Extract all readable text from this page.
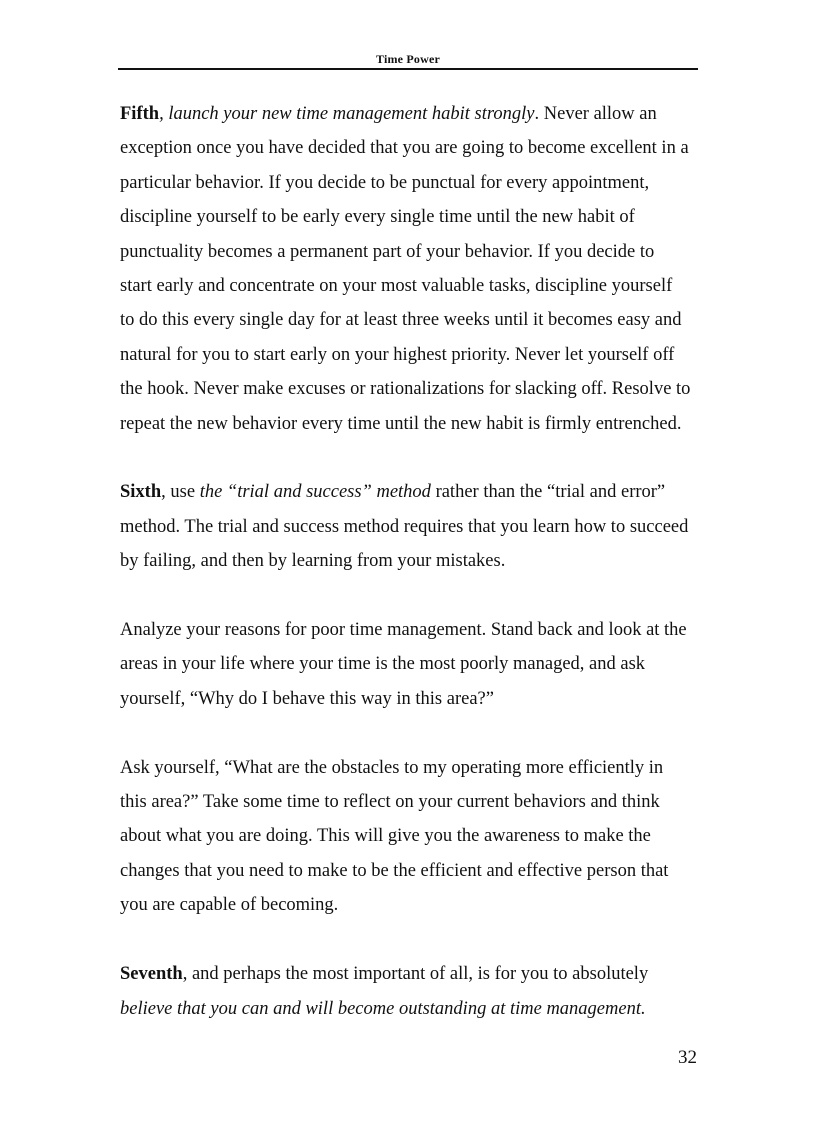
Time Power

Fifth, launch your new time management habit strongly. Never allow an
exception once you have decided that you are going to become excellent in a
particular behavior. If you decide to be punctual for every appointment,
discipline yourself to be early every single time until the new habit of
punctuality becomes a permanent part of your behavior. If you decide to
start early and concentrate on your most valuable tasks, discipline yourself
to do this every single day for at least three weeks until it becomes easy and
natural for you to start early on your highest priority. Never let yourself off
the hook. Never make excuses or rationalizations for slacking off. Resolve to
repeat the new behavior every time until the new habit is firmly entrenched.

Sixth, use the “trial and success” method rather than the “trial and error”
method. The trial and success method requires that you learn how to succeed
by failing, and then by learning from your mistakes.

Analyze your reasons for poor time management. Stand back and look at the
areas in your life where your time is the most poorly managed, and ask
yourself, “Why do I behave this way in this area?”

Ask yourself, “What are the obstacles to my operating more efficiently in
this area?” Take some time to reflect on your current behaviors and think
about what you are doing. This will give you the awareness to make the
changes that you need to make to be the efficient and effective person that
you are capable of becoming.

Seventh, and perhaps the most important of all, is for you to absolutely
believe that you can and will become outstanding at time management.

32
